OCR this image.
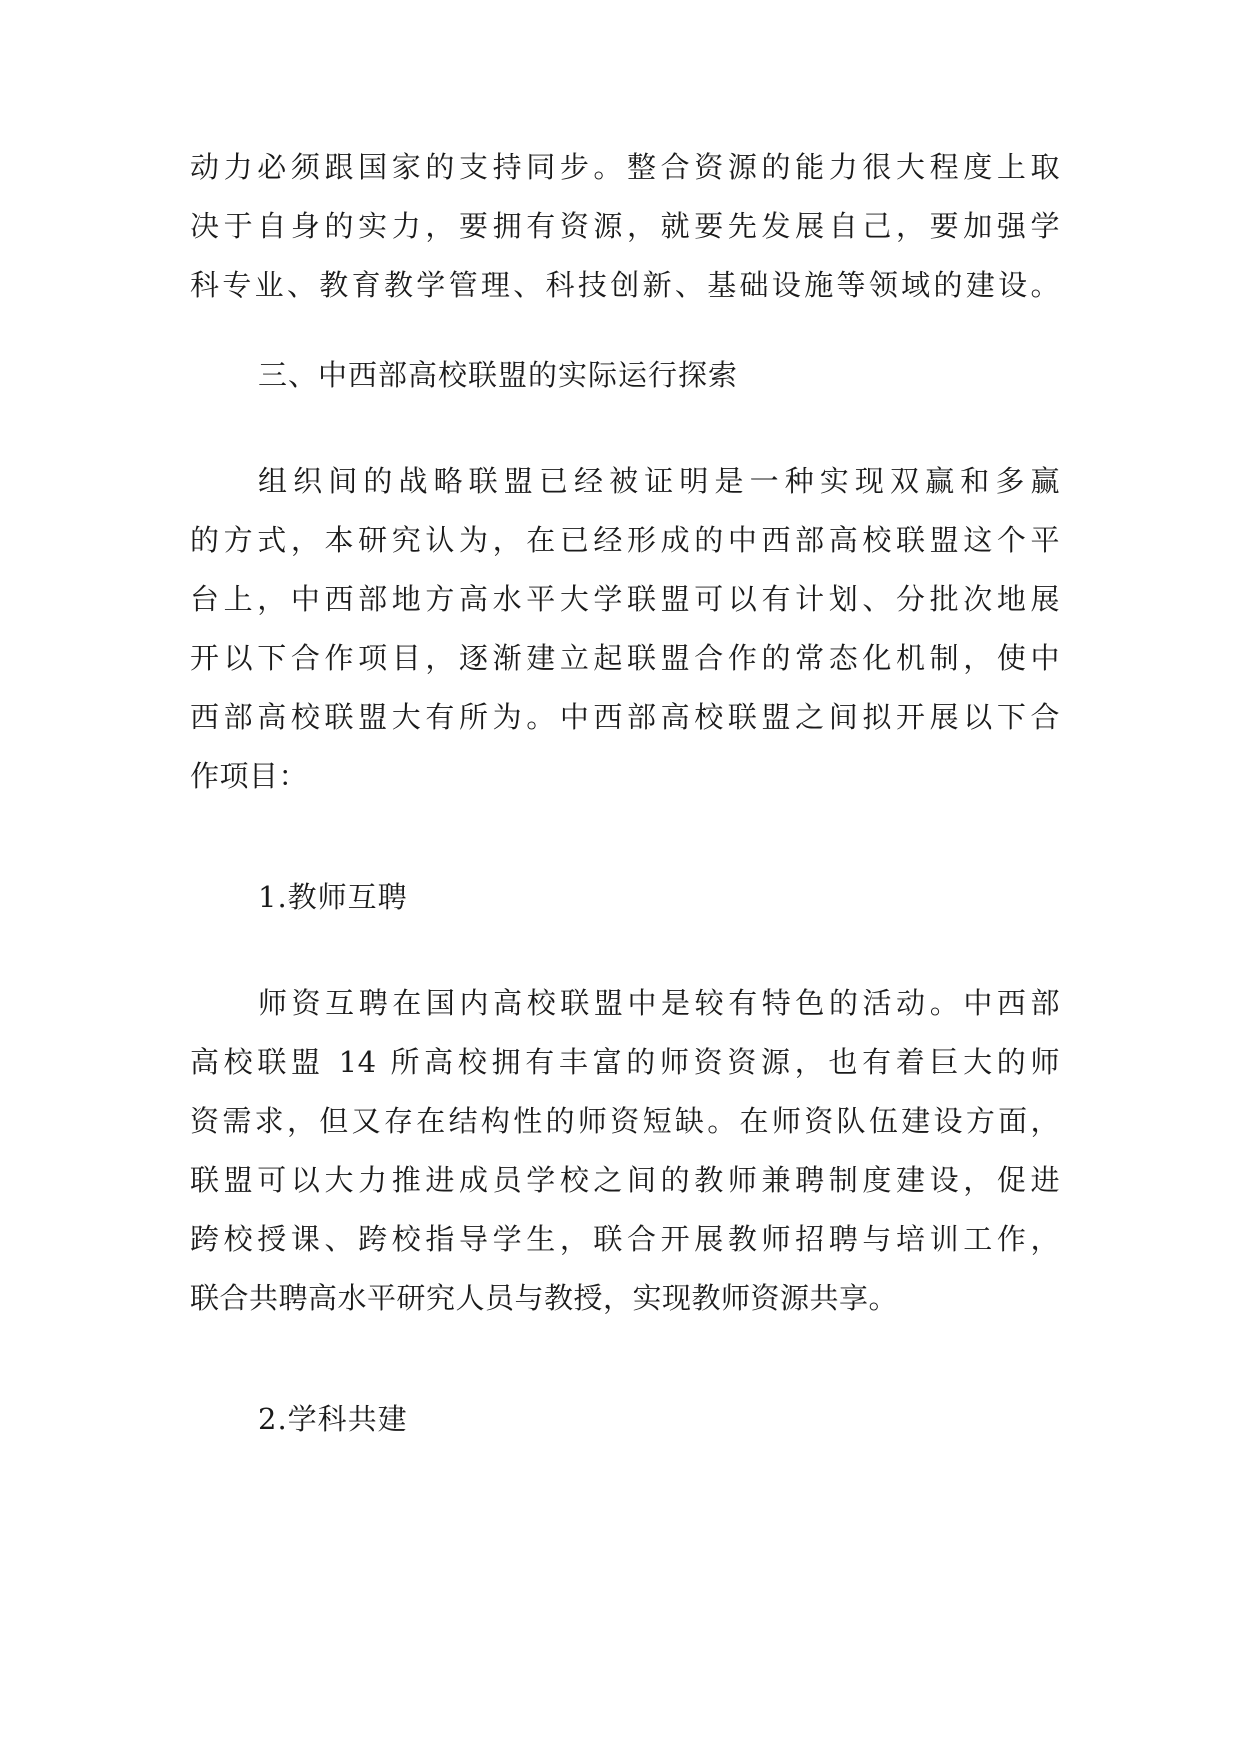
动力必须跟国家的支持同步。整合资源的能力很大程度上取
决于自身的实力，要拥有资源，就要先发展自己，要加强学
科专业、教育教学管理、科技创新、基础设施等领域的建设。
三、中西部高校联盟的实际运行探索
组织间的战略联盟已经被证明是一种实现双赢和多赢
的方式，本研究认为，在已经形成的中西部高校联盟这个平
台上，中西部地方高水平大学联盟可以有计划、分批次地展
开以下合作项目，逐渐建立起联盟合作的常态化机制，使中
西部高校联盟大有所为。中西部高校联盟之间拟开展以下合
作项目：
1.教师互聘
师资互聘在国内高校联盟中是较有特色的活动。中西部
高校联盟 14 所高校拥有丰富的师资资源，也有着巨大的师
资需求，但又存在结构性的师资短缺。在师资队伍建设方面，
联盟可以大力推进成员学校之间的教师兼聘制度建设，促进
跨校授课、跨校指导学生，联合开展教师招聘与培训工作，
联合共聘高水平研究人员与教授，实现教师资源共享。
2.学科共建
